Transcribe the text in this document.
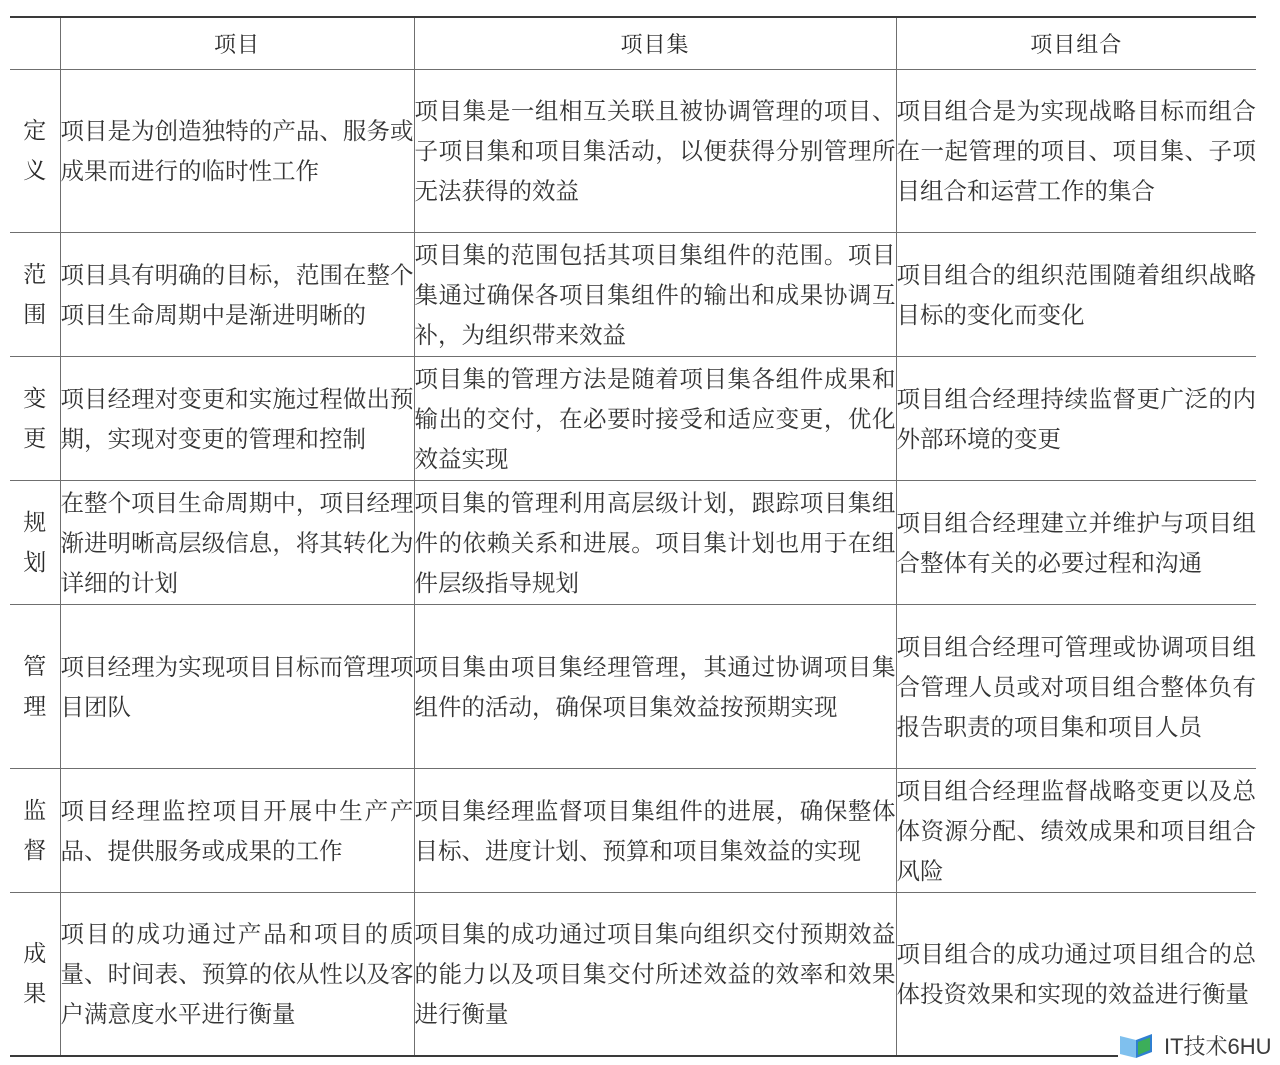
	项目	项目集	项目组合
定义	项目是为创造独特的产品、服务或成果而进行的临时性工作	项目集是一组相互关联且被协调管理的项目、子项目集和项目集活动，以便获得分别管理所无法获得的效益	项目组合是为实现战略目标而组合在一起管理的项目、项目集、子项目组合和运营工作的集合
范围	项目具有明确的目标，范围在整个项目生命周期中是渐进明晰的	项目集的范围包括其项目集组件的范围。项目集通过确保各项目集组件的输出和成果协调互补，为组织带来效益	项目组合的组织范围随着组织战略目标的变化而变化
变更	项目经理对变更和实施过程做出预期，实现对变更的管理和控制	项目集的管理方法是随着项目集各组件成果和输出的交付，在必要时接受和适应变更，优化效益实现	项目组合经理持续监督更广泛的内外部环境的变更
规划	在整个项目生命周期中，项目经理渐进明晰高层级信息，将其转化为详细的计划	项目集的管理利用高层级计划，跟踪项目集组件的依赖关系和进展。项目集计划也用于在组件层级指导规划	项目组合经理建立并维护与项目组合整体有关的必要过程和沟通
管理	项目经理为实现项目目标而管理项目团队	项目集由项目集经理管理，其通过协调项目集组件的活动，确保项目集效益按预期实现	项目组合经理可管理或协调项目组合管理人员或对项目组合整体负有报告职责的项目集和项目人员
监督	项目经理监控项目开展中生产产品、提供服务或成果的工作	项目集经理监督项目集组件的进展，确保整体目标、进度计划、预算和项目集效益的实现	项目组合经理监督战略变更以及总体资源分配、绩效成果和项目组合风险
成果	项目的成功通过产品和项目的质量、时间表、预算的依从性以及客户满意度水平进行衡量	项目集的成功通过项目集向组织交付预期效益的能力以及项目集交付所述效益的效率和效果进行衡量	项目组合的成功通过项目组合的总体投资效果和实现的效益进行衡量
IT技术6HU
